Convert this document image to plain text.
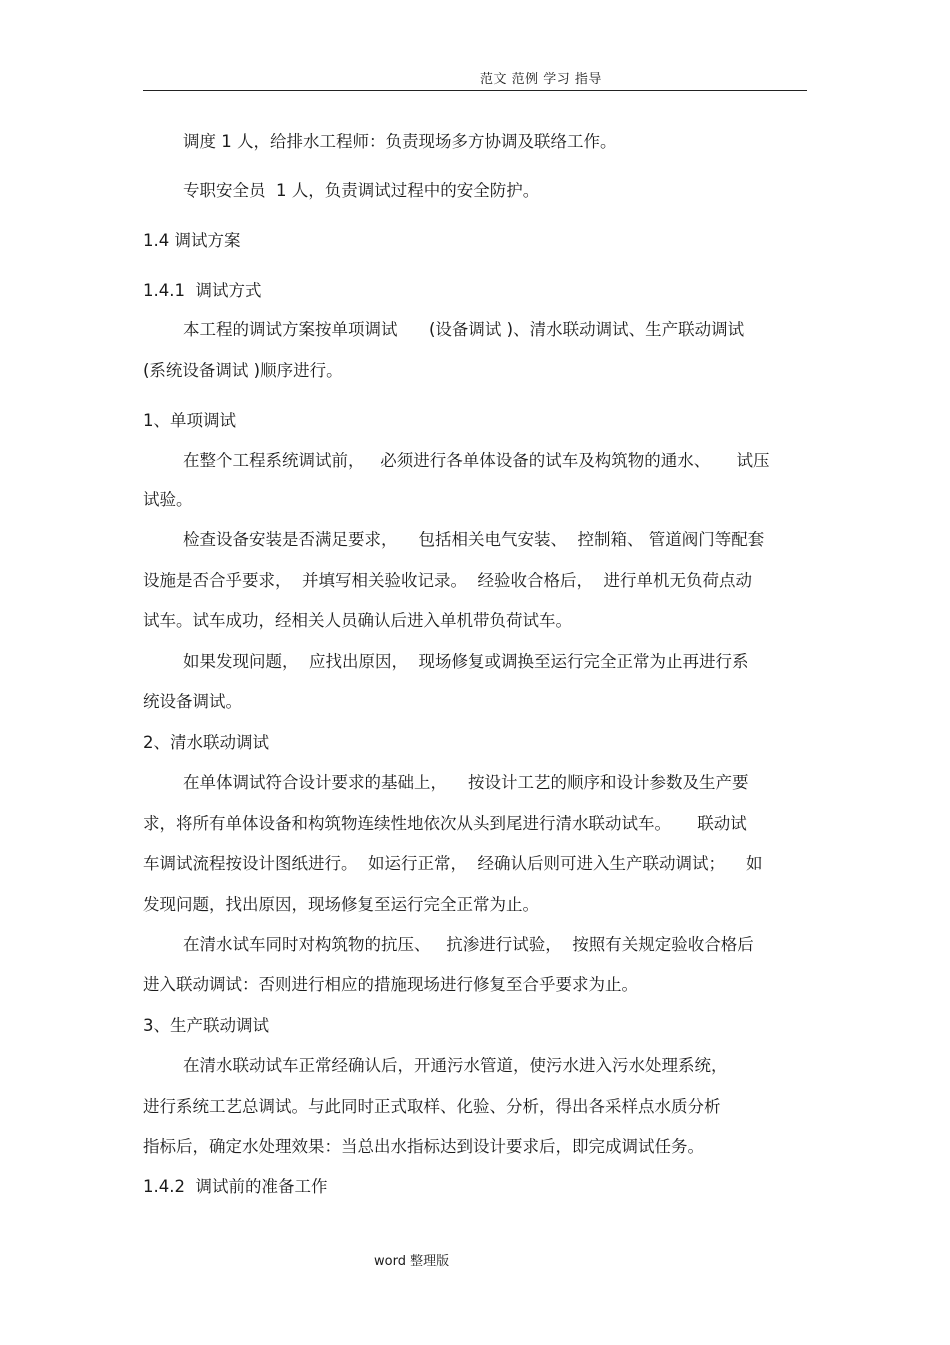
范文 范例 学习 指导
调度 1 人，给排水工程师：负责现场多方协调及联络工作。
专职安全员  1 人，负责调试过程中的安全防护。
1.4 调试方案
1.4.1  调试方式
本工程的调试方案按单项调试      (设备调试 )、清水联动调试、生产联动调试
(系统设备调试 )顺序进行。
1、单项调试
在整个工程系统调试前，   必须进行各单体设备的试车及构筑物的通水、     试压
试验。
检查设备安装是否满足要求，    包括相关电气安装、  控制箱、 管道阀门等配套
设施是否合乎要求，  并填写相关验收记录。  经验收合格后，  进行单机无负荷点动
试车。试车成功，经相关人员确认后进入单机带负荷试车。
如果发现问题，  应找出原因，  现场修复或调换至运行完全正常为止再进行系
统设备调试。
2、清水联动调试
在单体调试符合设计要求的基础上，    按设计工艺的顺序和设计参数及生产要
求，将所有单体设备和构筑物连续性地依次从头到尾进行清水联动试车。     联动试
车调试流程按设计图纸进行。  如运行正常，  经确认后则可进入生产联动调试；    如
发现问题，找出原因，现场修复至运行完全正常为止。
在清水试车同时对构筑物的抗压、   抗渗进行试验，  按照有关规定验收合格后
进入联动调试：否则进行相应的措施现场进行修复至合乎要求为止。
3、生产联动调试
在清水联动试车正常经确认后，开通污水管道，使污水进入污水处理系统，
进行系统工艺总调试。与此同时正式取样、化验、分析，得出各采样点水质分析
指标后，确定水处理效果：当总出水指标达到设计要求后，即完成调试任务。
1.4.2  调试前的准备工作
word 整理版
